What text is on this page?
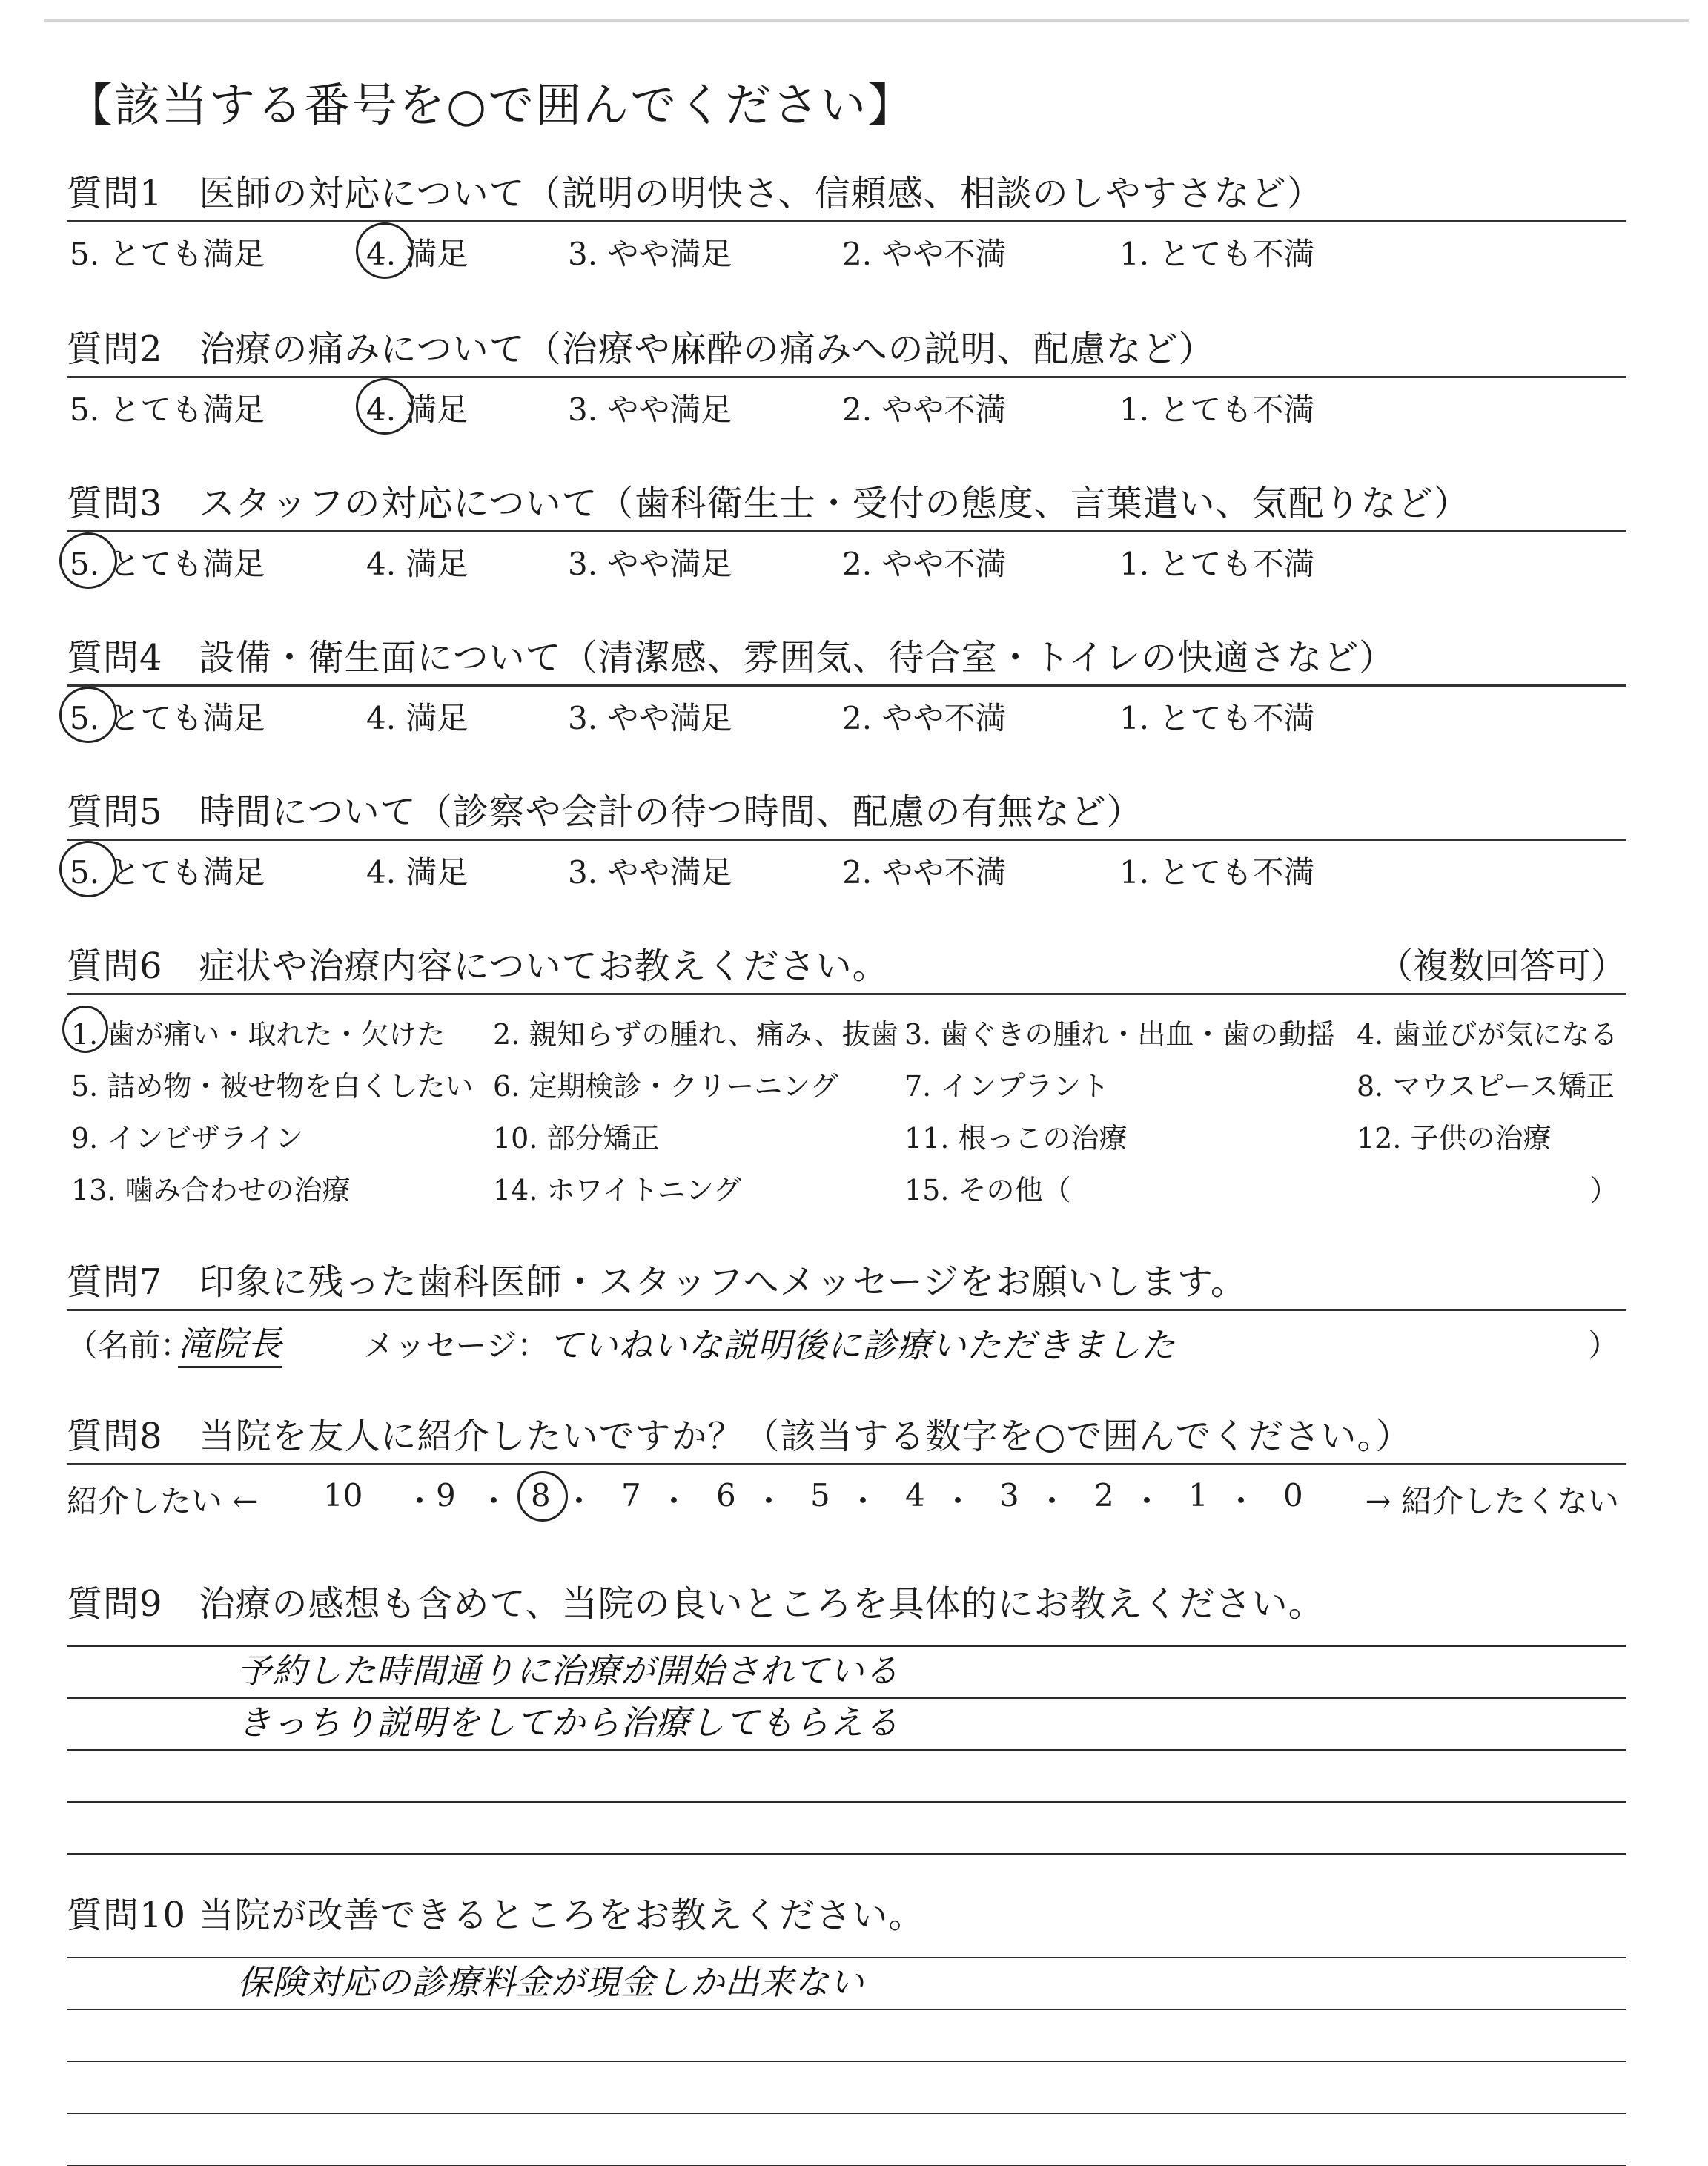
【該当する番号を○で囲んでください】
質問1　医師の対応について（説明の明快さ、信頼感、相談のしやすさなど）
5. とても満足	4. 満足	3. やや満足	2. やや不満	1. とても不満
質問2　治療の痛みについて（治療や麻酔の痛みへの説明、配慮など）
5. とても満足	4. 満足	3. やや満足	2. やや不満	1. とても不満
質問3　スタッフの対応について（歯科衛生士・受付の態度、言葉遣い、気配りなど）
5. とても満足	4. 満足	3. やや満足	2. やや不満	1. とても不満
質問4　設備・衛生面について（清潔感、雰囲気、待合室・トイレの快適さなど）
5. とても満足	4. 満足	3. やや満足	2. やや不満	1. とても不満
質問5　時間について（診察や会計の待つ時間、配慮の有無など）
5. とても満足	4. 満足	3. やや満足	2. やや不満	1. とても不満
質問6　症状や治療内容についてお教えください。	（複数回答可）
1. 歯が痛い・取れた・欠けた 2. 親知らずの腫れ、痛み、抜歯 3. 歯ぐきの腫れ・出血・歯の動揺 4. 歯並びが気になる
5. 詰め物・被せ物を白くしたい 6. 定期検診・クリーニング 7. インプラント	8. マウスピース矯正
9. インビザライン	10. 部分矯正	11. 根っこの治療	12. 子供の治療
13. 噛み合わせの治療	14. ホワイトニング	15. その他（	）
質問7　印象に残った歯科医師・スタッフへメッセージをお願いします。
（名前：
滝院長	メッセージ： ていねいな説明後に診療いただきました	）
質問8　当院を友人に紹介したいですか？（該当する数字を○で囲んでください。）
紹介したい ← 10 ・ 9 ・ 8 ・ 7 ・ 6 ・ 5 ・ 4 ・ 3 ・ 2 ・ 1 ・ 0 → 紹介したくない
質問9　治療の感想も含めて、当院の良いところを具体的にお教えください。
予約した時間通りに治療が開始されている
きっちり説明をしてから治療してもらえる
質問10 当院が改善できるところをお教えください。
保険対応の診療料金が現金しか出来ない
